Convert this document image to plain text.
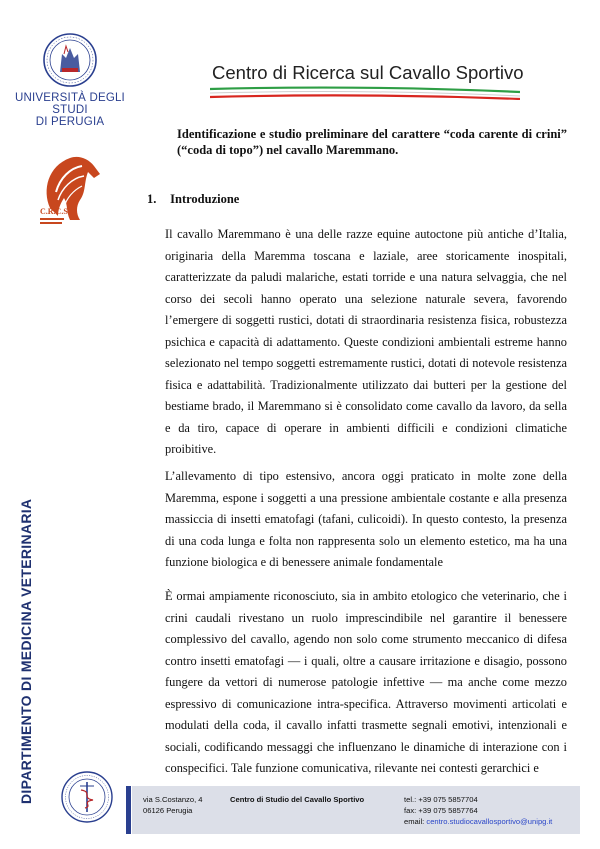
UNIVERSITÀ DEGLI STUDI
DI PERUGIA
C.R.C.S
DIPARTIMENTO DI MEDICINA VETERINARIA
Centro di Ricerca sul Cavallo Sportivo
Identificazione e studio preliminare del carattere “coda carente di crini” (“coda di topo”) nel cavallo Maremmano.
1. Introduzione

Il cavallo Maremmano è una delle razze equine autoctone più antiche d’Italia, originaria della Maremma toscana e laziale, aree storicamente inospitali, caratterizzate da paludi malariche, estati torride e una natura selvaggia, che nel corso dei secoli hanno operato una selezione naturale severa, favorendo l’emergere di soggetti rustici, dotati di straordinaria resistenza fisica, robustezza psichica e capacità di adattamento. Queste condizioni ambientali estreme hanno selezionato nel tempo soggetti estremamente rustici, dotati di notevole resistenza fisica e adattabilità. Tradizionalmente utilizzato dai butteri per la gestione del bestiame brado, il Maremmano si è consolidato come cavallo da lavoro, da sella e da tiro, capace di operare in ambienti difficili e condizioni climatiche proibitive.

L’allevamento di tipo estensivo, ancora oggi praticato in molte zone della Maremma, espone i soggetti a una pressione ambientale costante e alla presenza massiccia di insetti ematofagi (tafani, culicoidi). In questo contesto, la presenza di una coda lunga e folta non rappresenta solo un elemento estetico, ma ha una funzione biologica e di benessere animale fondamentale

È ormai ampiamente riconosciuto, sia in ambito etologico che veterinario, che i crini caudali rivestano un ruolo imprescindibile nel garantire il benessere complessivo del cavallo, agendo non solo come strumento meccanico di difesa contro insetti ematofagi — i quali, oltre a causare irritazione e disagio, possono fungere da vettori di numerose patologie infettive — ma anche come mezzo espressivo di comunicazione intra-specifica. Attraverso movimenti articolati e modulati della coda, il cavallo infatti trasmette segnali emotivi, intenzionali e sociali, codificando messaggi che influenzano le dinamiche di interazione con i conspecifici. Tale funzione comunicativa, rilevante nei contesti gerarchici e

via S.Costanzo, 4
06126 Perugia
Centro di Studio del Cavallo Sportivo	tel.: +39 075 5857704
fax: +39 075 5857764
email: centro.studiocavallosportivo@unipg.it
